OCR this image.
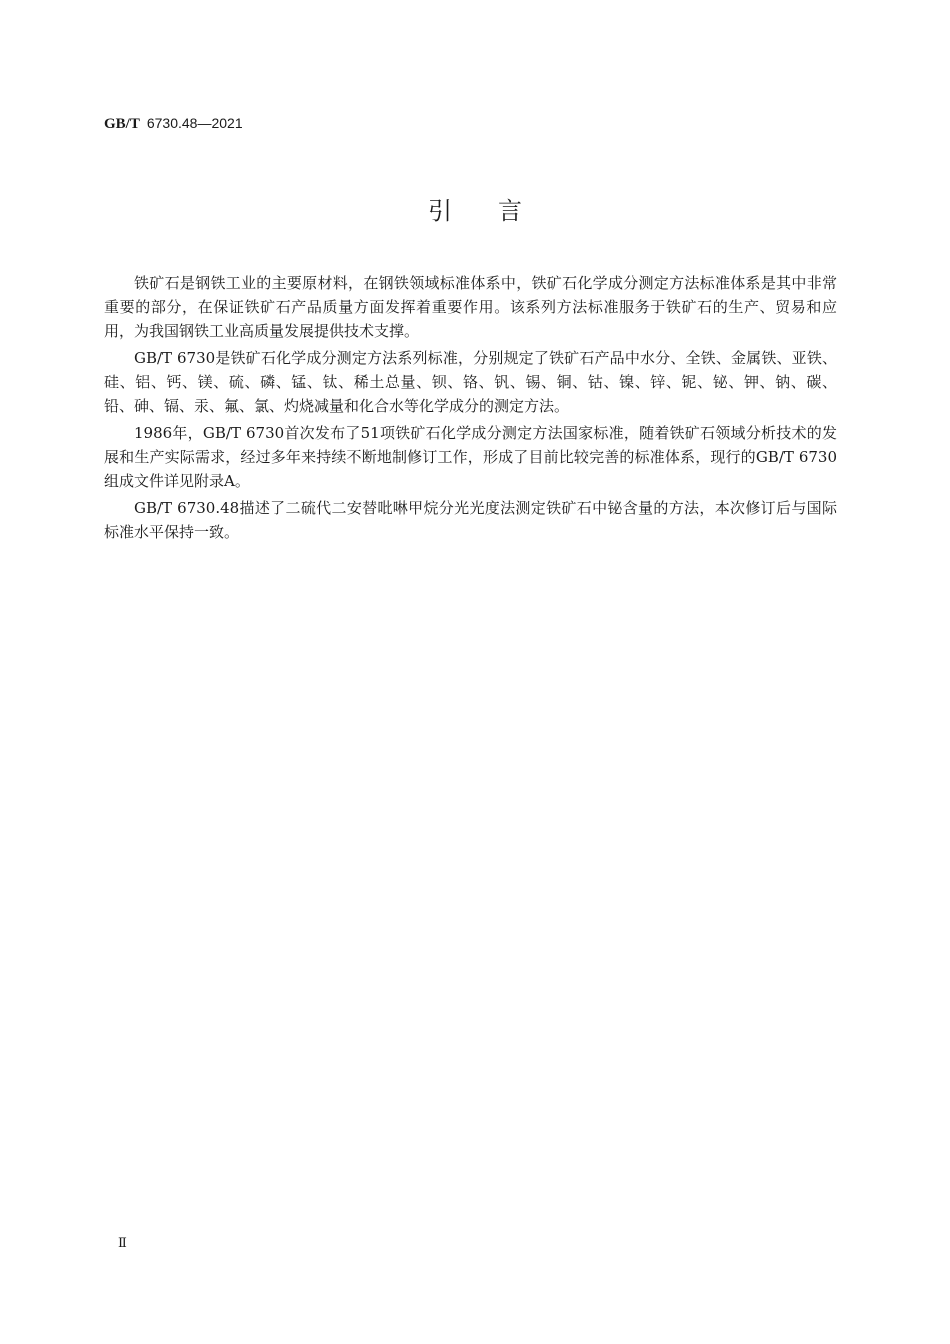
GB/T 6730.48—2021
引言

铁矿石是钢铁工业的主要原材料，在钢铁领域标准体系中，铁矿石化学成分测定方法标准体系是其中非常重要的部分，在保证铁矿石产品质量方面发挥着重要作用。该系列方法标准服务于铁矿石的生产、贸易和应用，为我国钢铁工业高质量发展提供技术支撑。

GB/T 6730是铁矿石化学成分测定方法系列标准，分别规定了铁矿石产品中水分、全铁、金属铁、亚铁、硅、铝、钙、镁、硫、磷、锰、钛、稀土总量、钡、铬、钒、锡、铜、钴、镍、锌、铌、铋、钾、钠、碳、铅、砷、镉、汞、氟、氯、灼烧减量和化合水等化学成分的测定方法。

1986年，GB/T 6730首次发布了51项铁矿石化学成分测定方法国家标准，随着铁矿石领域分析技术的发展和生产实际需求，经过多年来持续不断地制修订工作，形成了目前比较完善的标准体系，现行的GB/T 6730组成文件详见附录A。

GB/T 6730.48描述了二硫代二安替吡啉甲烷分光光度法测定铁矿石中铋含量的方法，本次修订后与国际标准水平保持一致。

Ⅱ
